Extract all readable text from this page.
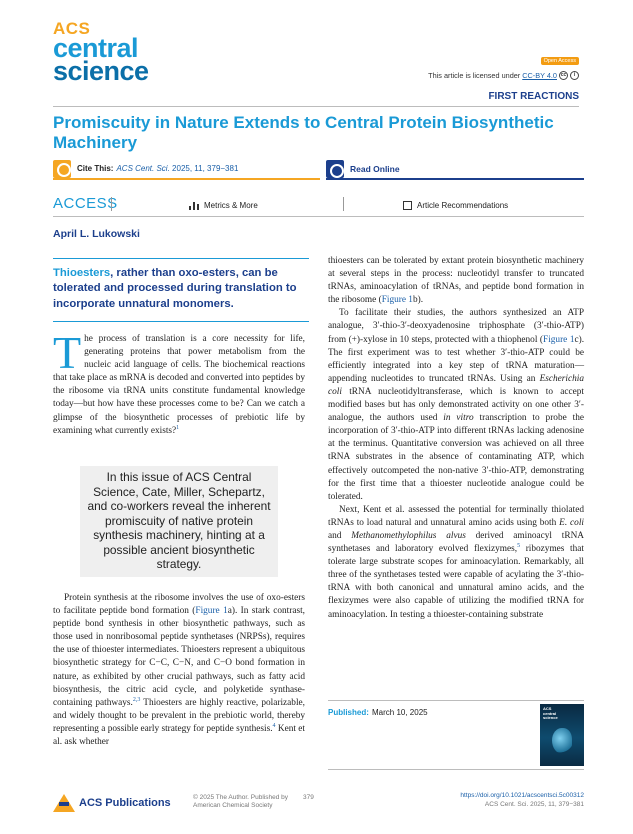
ACS
central
science	Open Access
This article is licensed under CC-BY 4.0 cc	i
FIRST REACTIONS
Promiscuity in Nature Extends to Central Protein Biosynthetic Machinery
Cite This: ACS Cent. Sci. 2025, 11, 379−381	Read Online
ACCESS	Metrics & More	Article Recommendations
April L. Lukowski
Thioesters, rather than oxo-esters, can be tolerated and processed during translation to incorporate unnatural monomers.
The process of translation is a core necessity for life, generating proteins that power metabolism from the nucleic acid language of cells. The biochemical reactions that take place as mRNA is decoded and converted into peptides by the ribosome via tRNA units constitute fundamental knowledge today—but how have these processes come to be? Can we catch a glimpse of the biosynthetic processes of prebiotic life by examining what currently exists?$^1$
In this issue of ACS Central Science, Cate, Miller, Schepartz, and co-workers reveal the inherent promiscuity of native protein synthesis machinery, hinting at a possible ancient biosynthetic strategy.

Protein synthesis at the ribosome involves the use of oxo-esters to facilitate peptide bond formation (Figure 1a). In stark contrast, peptide bond synthesis in other biosynthetic pathways, such as those used in nonribosomal peptide synthetases (NRPSs), requires the use of thioester intermediates. Thioesters represent a ubiquitous biosynthetic strategy for C−C, C−N, and C−O bond formation in nature, as exhibited by other crucial pathways, such as fatty acid biosynthesis, the citric acid cycle, and polyketide synthase-containing pathways.$^{2,3}$ Thioesters are highly reactive, polarizable, and widely thought to be prevalent in the prebiotic world, thereby representing a possible early strategy for peptide synthesis.$^4$ Kent et al. ask whether

thioesters can be tolerated by extant protein biosynthetic machinery at several steps in the process: nucleotidyl transfer to truncated tRNAs, aminoacylation of tRNAs, and peptide bond formation in the ribosome (Figure 1b).

To facilitate their studies, the authors synthesized an ATP analogue, 3′-thio-3′-deoxyadenosine triphosphate (3′-thio-ATP) from (+)-xylose in 10 steps, protected with a thiophenol (Figure 1c). The first experiment was to test whether 3′-thio-ATP could be efficiently integrated into a key step of tRNA maturation—appending nucleotides to truncated tRNAs. Using an Escherichia coli tRNA nucleotidyltransferase, which is known to accept modified bases but has only demonstrated activity on one other 3′-analogue, the authors used in vitro transcription to probe the incorporation of 3′-thio-ATP into different tRNAs lacking adenosine at the terminus. Quantitative conversion was achieved on all three tRNA substrates in the absence of contaminating ATP, which effectively outcompeted the non-native 3′-thio-ATP, demonstrating for the first time that a thioester nucleotide analogue could be tolerated.

Next, Kent et al. assessed the potential for terminally thiolated tRNAs to load natural and unnatural amino acids using both E. coli and Methanomethylophilus alvus derived aminoacyl tRNA synthetases and laboratory evolved flexizymes,$^5$ ribozymes that tolerate large substrate scopes for aminoacylation. Remarkably, all three of the synthetases tested were capable of acylating the 3′-thio-tRNA with both canonical and unnatural amino acids, and the flexizymes were also capable of utilizing the modified tRNA for aminoacylation. In testing a thioester-containing substrate

Published: March 10, 2025	ACS
central
science
ACS Publications	© 2025 The Author. Published by
American Chemical Society
379	https://doi.org/10.1021/acscentsci.5c00312
ACS Cent. Sci. 2025, 11, 379−381
